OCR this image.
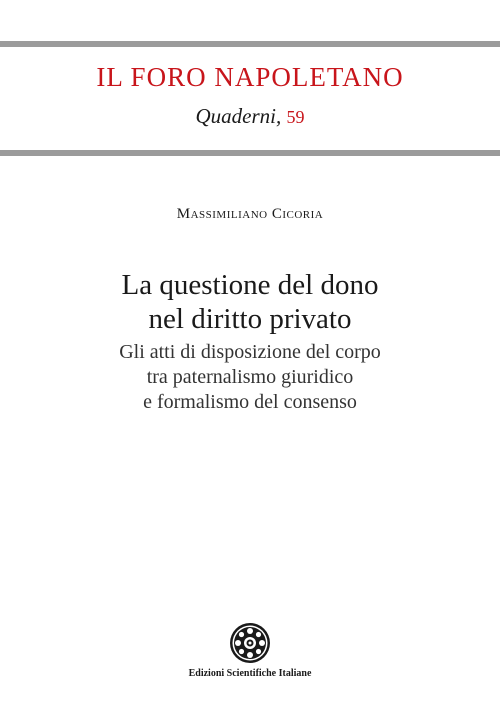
IL FORO NAPOLETANO
Quaderni, 59
Massimiliano Cicoria
La questione del dono
nel diritto privato
Gli atti di disposizione del corpo
tra paternalismo giuridico
e formalismo del consenso
Edizioni Scientifiche Italiane
